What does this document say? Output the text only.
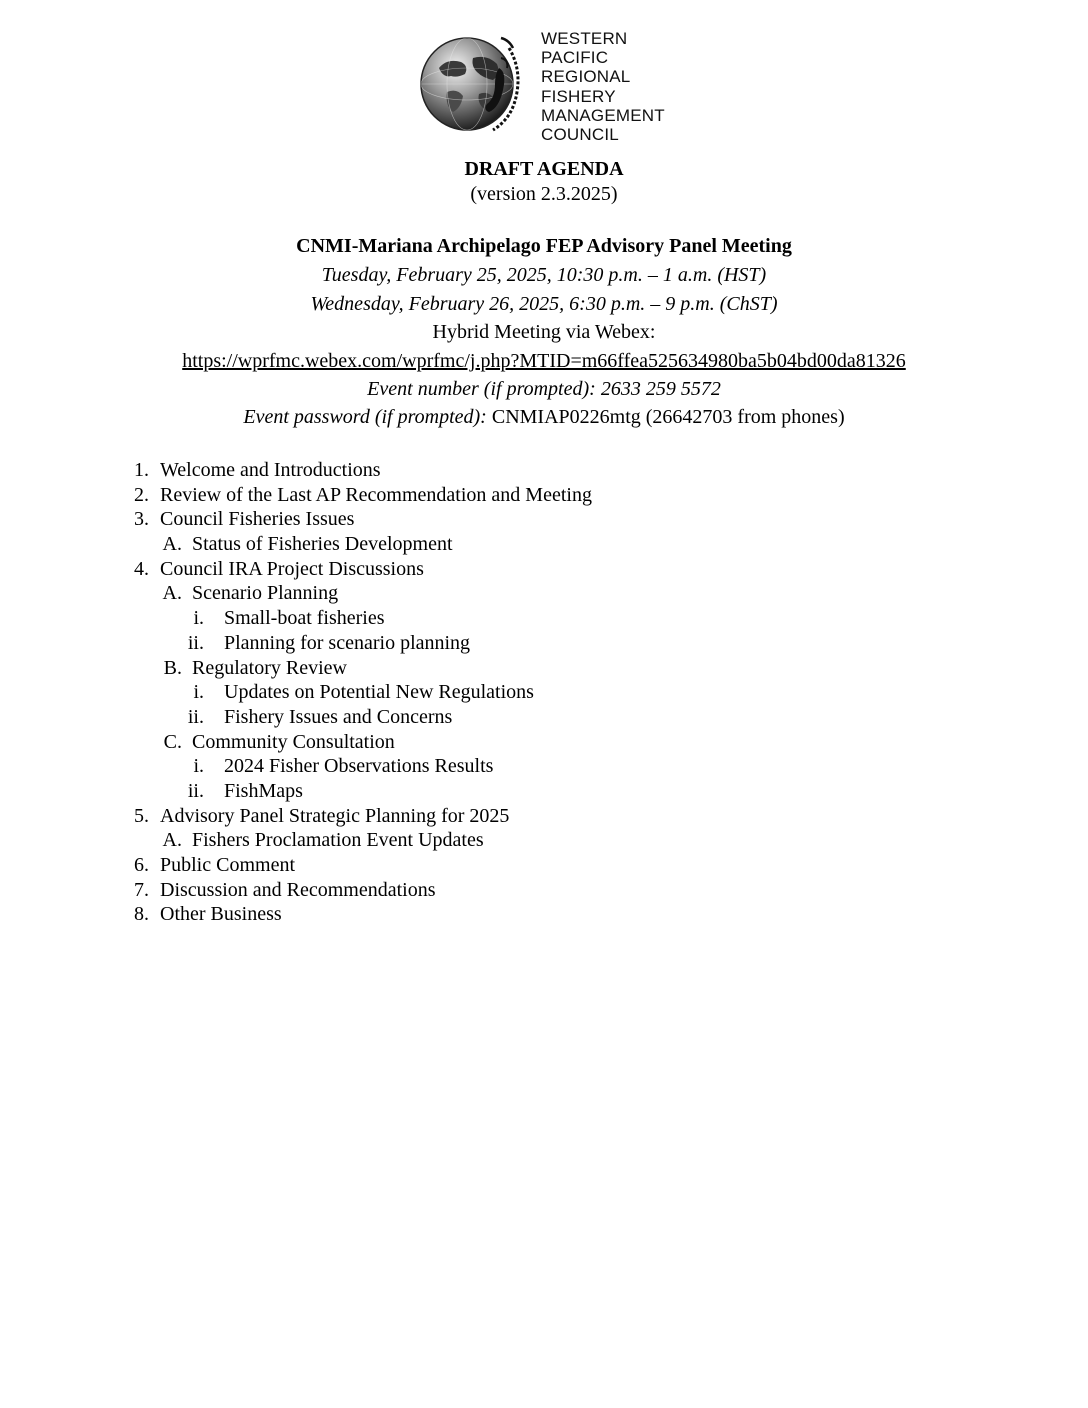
WESTERN
PACIFIC
REGIONAL
FISHERY
MANAGEMENT
COUNCIL
DRAFT AGENDA
(version 2.3.2025)
CNMI-Mariana Archipelago FEP Advisory Panel Meeting
Tuesday, February 25, 2025, 10:30 p.m. – 1 a.m. (HST)
Wednesday, February 26, 2025, 6:30 p.m. – 9 p.m. (ChST)
Hybrid Meeting via Webex:
https://wprfmc.webex.com/wprfmc/j.php?MTID=m66ffea525634980ba5b04bd00da81326
Event number (if prompted): 2633 259 5572
Event password (if prompted): CNMIAP0226mtg (26642703 from phones)
1. Welcome and Introductions
2. Review of the Last AP Recommendation and Meeting
3. Council Fisheries Issues
A. Status of Fisheries Development
4. Council IRA Project Discussions
A. Scenario Planning
i. Small-boat fisheries
ii. Planning for scenario planning
B. Regulatory Review
i. Updates on Potential New Regulations
ii. Fishery Issues and Concerns
C. Community Consultation
i. 2024 Fisher Observations Results
ii. FishMaps
5. Advisory Panel Strategic Planning for 2025
A. Fishers Proclamation Event Updates
6. Public Comment
7. Discussion and Recommendations
8. Other Business
